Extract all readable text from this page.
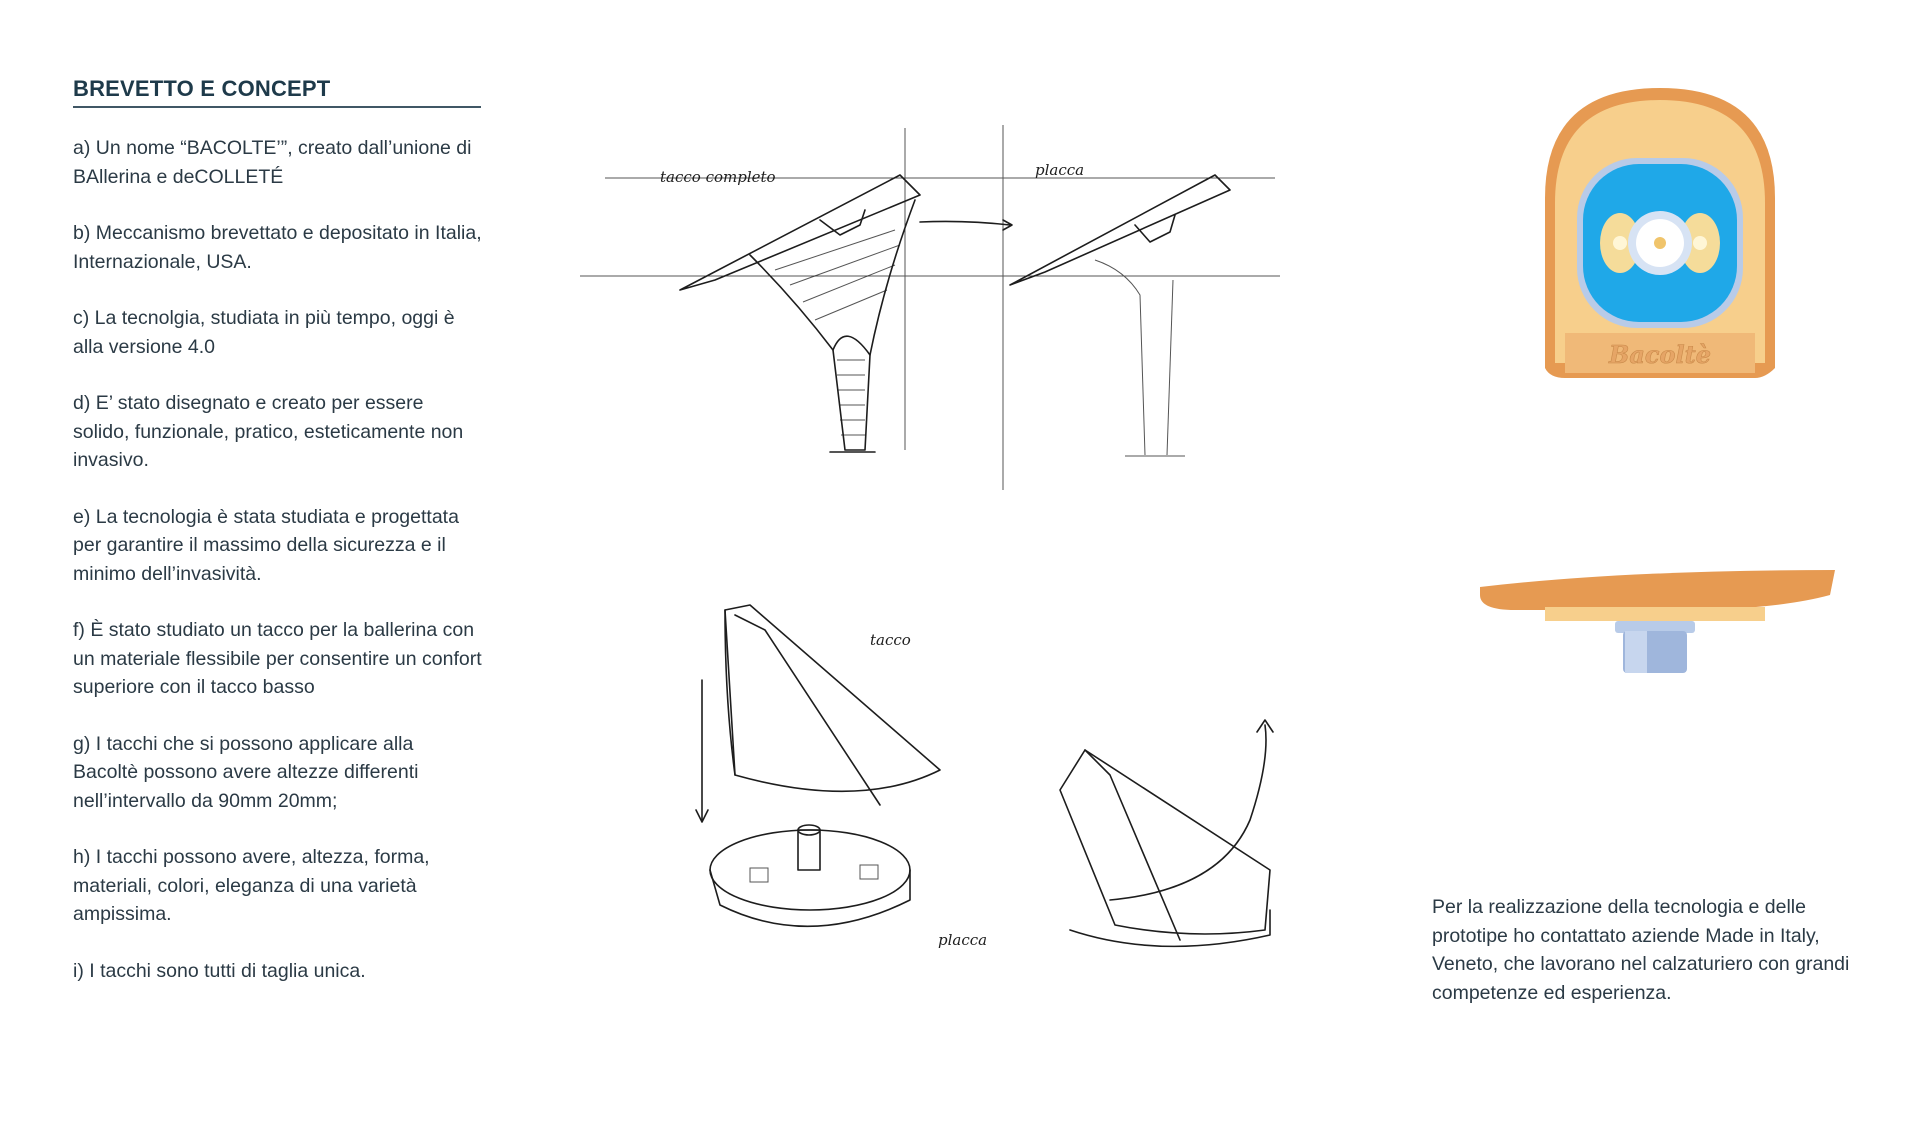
BREVETTO E CONCEPT

a) Un nome “BACOLTE’”, creato dall’unione di BAllerina e deCOLLETÉ

b) Meccanismo brevettato e depositato in Italia, Internazionale, USA.

c) La tecnolgia, studiata in più tempo, oggi è alla versione 4.0

d) E’ stato disegnato e creato per essere solido, funzionale, pratico, esteticamente non invasivo.

e) La tecnologia è stata studiata e progettata per garantire il massimo della sicurezza e il minimo dell’invasività.

f) È stato studiato un tacco per la ballerina con un materiale flessibile per consentire un confort superiore con il tacco basso

g) I tacchi che si possono applicare alla Bacoltè possono avere altezze differenti nell’intervallo da 90mm 20mm;

h) I tacchi possono avere, altezza, forma, materiali, colori, eleganza di una varietà ampissima.

i) I tacchi sono tutti di taglia unica.

tacco completo	placca
tacco
placca
Bacoltè
Per la realizzazione della tecnologia e delle prototipe ho contattato aziende Made in Italy, Veneto, che lavorano nel calzaturiero con grandi competenze ed esperienza.
